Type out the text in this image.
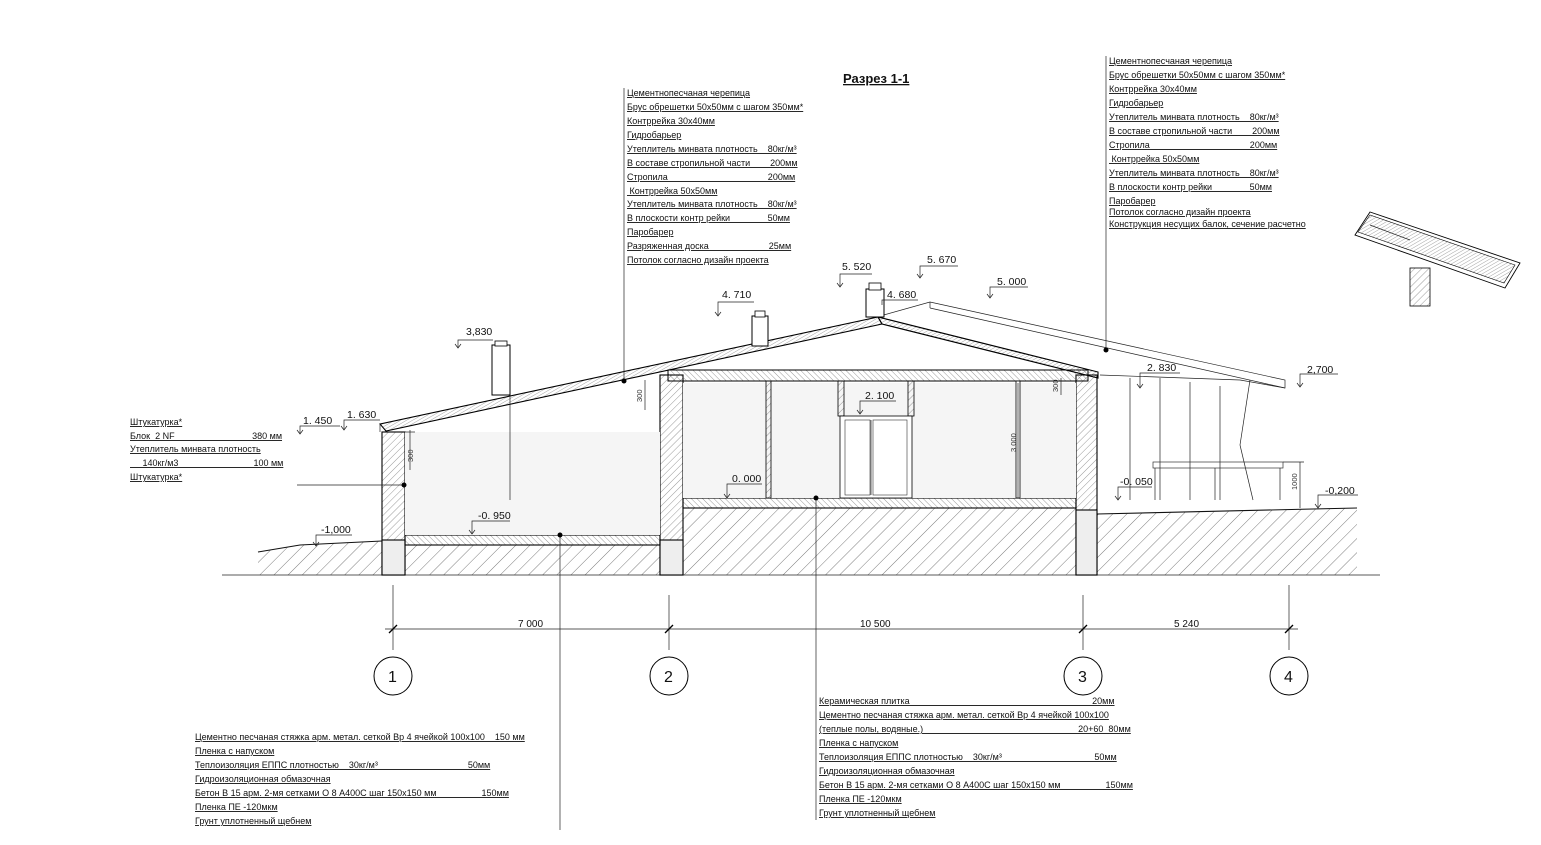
Разрез 1-1
Цементнопесчаная черепица
Брус обрешетки 50х50мм с шагом 350мм*
Контррейка 30х40мм
Гидробарьер
Утеплитель минвата плотность    80кг/м³
В составе стропильной части        200мм
Стропила                                        200мм
Контррейка 50х50мм
Утеплитель минвата плотность    80кг/м³
В плоскости контр рейки               50мм
Паробарер
Разряженная доска                        25мм
Потолок согласно дизайн проекта
Цементнопесчаная черепица
Брус обрешетки 50х50мм с шагом 350мм*
Контррейка 30х40мм
Гидробарьер
Утеплитель минвата плотность    80кг/м³
В составе стропильной части        200мм
Стропила                                        200мм
Контррейка 50х50мм
Утеплитель минвата плотность    80кг/м³
В плоскости контр рейки               50мм
Паробарер
Потолок согласно дизайн проекта
Конструкция несущих балок, сечение расчетно
Штукатурка*
Блок  2 NF                               380 мм
Утеплитель минвата плотность
140кг/м3                              100 мм
Штукатурка*
Цементно песчаная стяжка арм. метал. сеткой Вр 4 ячейкой 100х100    150 мм
Пленка с напуском
Теплоизоляция ЕППС плотностью    30кг/м³                                    50мм
Гидроизоляционная обмазочная
Бетон В 15 арм. 2-мя сетками О 8 А400С шаг 150х150 мм                  150мм
Пленка ПЕ -120мкм
Грунт уплотненный щебнем
Керамическая плитка                                                                         20мм
Цементно песчаная стяжка арм. метал. сеткой Вр 4 ячейкой 100х100
(теплые полы, водяные.)                                                              20+60  80мм
Пленка с напуском
Теплоизоляция ЕППС плотностью    30кг/м³                                     50мм
Гидроизоляционная обмазочная
Бетон В 15 арм. 2-мя сетками О 8 А400С шаг 150х150 мм                  150мм
Пленка ПЕ -120мкм
Грунт уплотненный щебнем
3,830
4. 710
5. 520
5. 670
4. 680
5. 000
2. 830	2,700
1. 450 1. 630
2. 100
0. 000
-0. 950
-1,000
-0. 050
-0,200
300
300
300
3 000
1000
7 000	10 500	5 240
1	2	3	4
